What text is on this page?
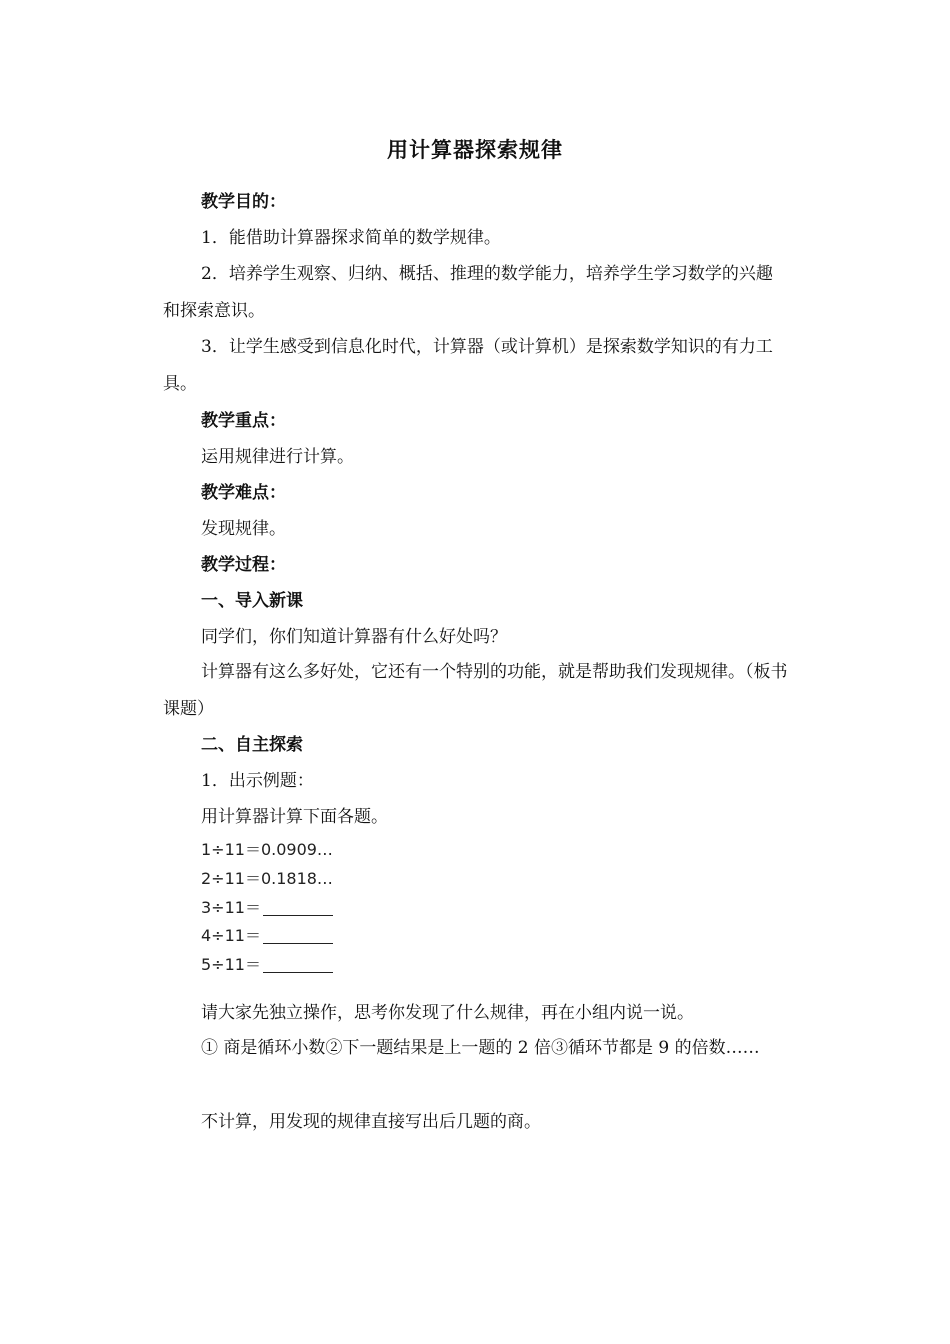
用计算器探索规律

教学目的：

1．能借助计算器探求简单的数学规律。

2．培养学生观察、归纳、概括、推理的数学能力，培养学生学习数学的兴趣和探索意识。

3．让学生感受到信息化时代，计算器（或计算机）是探索数学知识的有力工具。

教学重点：

运用规律进行计算。

教学难点：

发现规律。

教学过程：

一、导入新课

同学们，你们知道计算器有什么好处吗？

计算器有这么多好处，它还有一个特别的功能，就是帮助我们发现规律。（板书课题）

二、自主探索

1．出示例题：

用计算器计算下面各题。

1÷11＝0.0909…
2÷11＝0.1818…
3÷11＝
4÷11＝
5÷11＝

请大家先独立操作，思考你发现了什么规律，再在小组内说一说。

① 商是循环小数②下一题结果是上一题的 2 倍③循环节都是 9 的倍数……

不计算，用发现的规律直接写出后几题的商。
